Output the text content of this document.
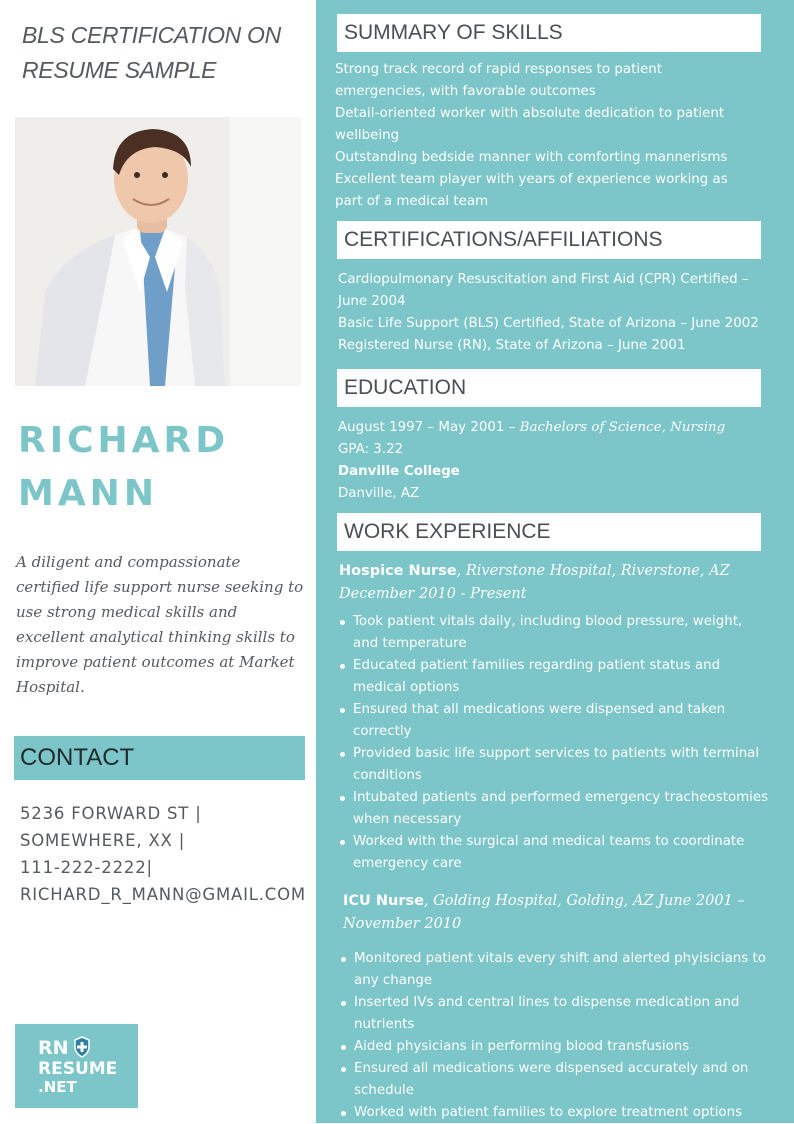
BLS CERTIFICATION ON
RESUME SAMPLE
RICHARD
MANN
A diligent and compassionate
certified life support nurse seeking to
use strong medical skills and
excellent analytical thinking skills to
improve patient outcomes at Market
Hospital.
CONTACT
5236 FORWARD ST |
SOMEWHERE, XX |
111-222-2222|
RICHARD_R_MANN@GMAIL.COM
RN
RESUME
.NET
SUMMARY OF SKILLS
Strong track record of rapid responses to patient
emergencies, with favorable outcomes
Detail-oriented worker with absolute dedication to patient
wellbeing
Outstanding bedside manner with comforting mannerisms
Excellent team player with years of experience working as
part of a medical team
CERTIFICATIONS/AFFILIATIONS
Cardiopulmonary Resuscitation and First Aid (CPR) Certified –
June 2004
Basic Life Support (BLS) Certified, State of Arizona – June 2002
Registered Nurse (RN), State of Arizona – June 2001
EDUCATION
August 1997 – May 2001 – Bachelors of Science, Nursing
GPA: 3.22
Danville College
Danville, AZ
WORK EXPERIENCE
Hospice Nurse, Riverstone Hospital, Riverstone, AZ
December 2010 - Present
Took patient vitals daily, including blood pressure, weight,
and temperature
Educated patient families regarding patient status and
medical options
Ensured that all medications were dispensed and taken
correctly
Provided basic life support services to patients with terminal
conditions
Intubated patients and performed emergency tracheostomies
when necessary
Worked with the surgical and medical teams to coordinate
emergency care
ICU Nurse, Golding Hospital, Golding, AZ June 2001 –
November 2010
Monitored patient vitals every shift and alerted phyisicians to
any change
Inserted IVs and central lines to dispense medication and
nutrients
Aided physicians in performing blood transfusions
Ensured all medications were dispensed accurately and on
schedule
Worked with patient families to explore treatment options
